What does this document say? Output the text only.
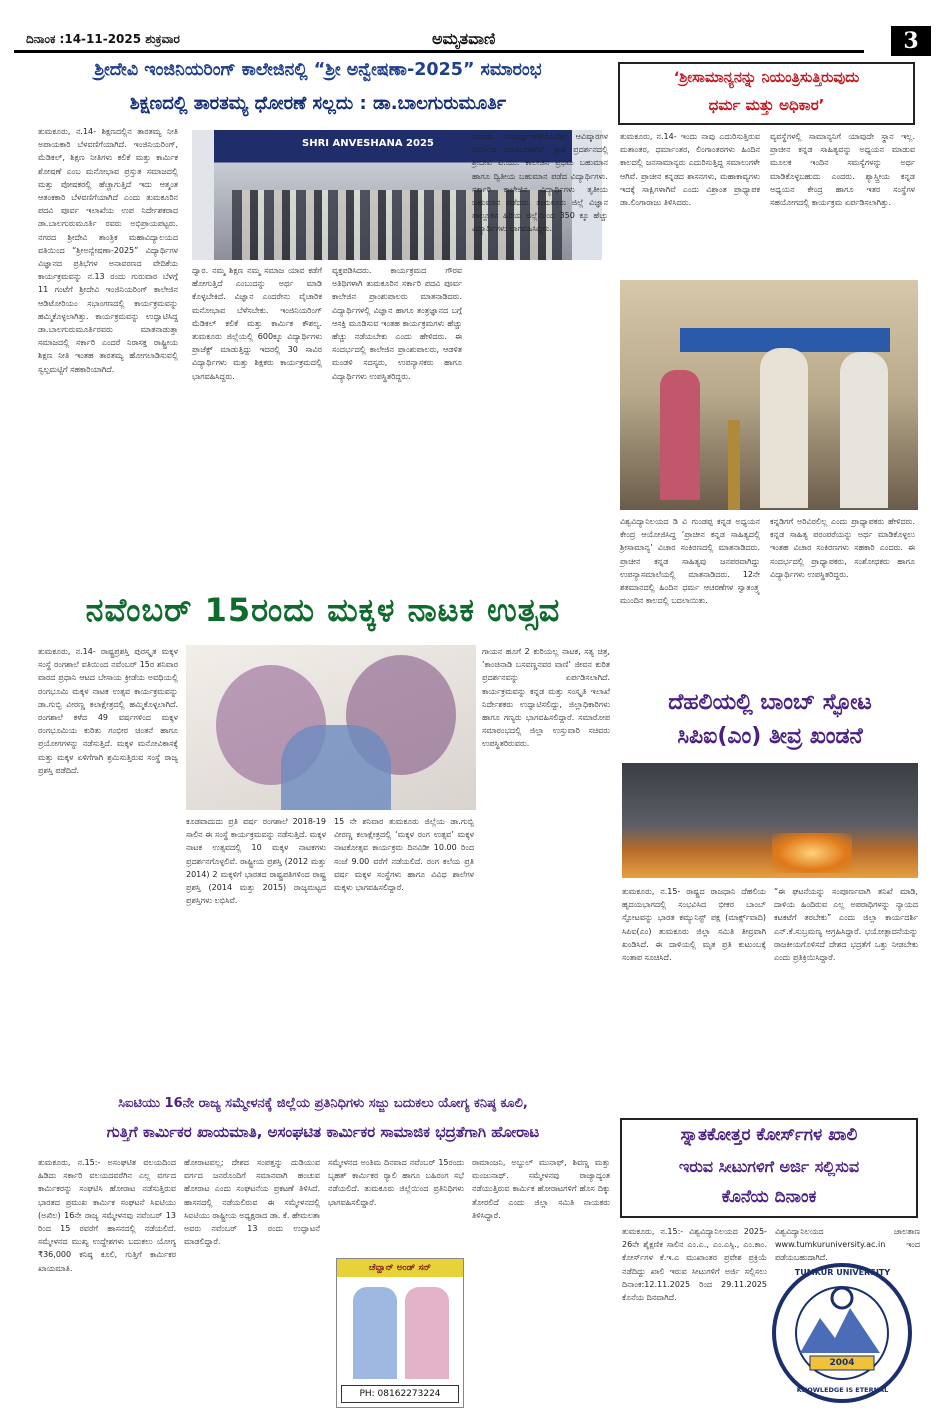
ದಿನಾಂಕ :14-11-2025 ಶುಕ್ರವಾರ	ಅಮೃತವಾಣಿ	3
ಶ್ರೀದೇವಿ ಇಂಜಿನಿಯರಿಂಗ್ ಕಾಲೇಜಿನಲ್ಲಿ “ಶ್ರೀ ಅನ್ವೇಷಣಾ-2025” ಸಮಾರಂಭ
ಶಿಕ್ಷಣದಲ್ಲಿ ತಾರತಮ್ಯ ಧೋರಣೆ ಸಲ್ಲದು : ಡಾ.ಬಾಲಗುರುಮೂರ್ತಿ
ತುಮಕೂರು, ನ.14- ಶಿಕ್ಷಣದಲ್ಲಿನ ತಾರತಮ್ಯ ನೀತಿ ಅಪಾಯಕಾರಿ ಬೆಳವಣಿಗೆಯಾಗಿದೆ. ಇಂಜಿನಿಯರಿಂಗ್, ಮೆಡಿಕಲ್, ಶಿಕ್ಷಣ ನೀತಿಗಳು ಕಲಿಕೆ ಮತ್ತು ಕಾರ್ಮಿಕ ಶೋಷಣೆ ಎಂಬ ಮನೋಭಾವ ಪ್ರಸ್ತುತ ಸಮಾಜದಲ್ಲಿ ಮತ್ತು ಪೋಷಕರಲ್ಲಿ ಹೆಚ್ಚಾಗುತ್ತಿದೆ ಇದು ಆತ್ಮಂತ ಆತಂಕಕಾರಿ ಬೆಳವಣಿಗೆಯಾಗಿದೆ ಎಂದು ತುಮಕೂರಿನ ಪದವಿ ಪೂರ್ವ ಇಲಾಖೆಯ ಉಪ ನಿರ್ದೇಶಕರಾದ ಡಾ.ಬಾಲಗುರುಮೂರ್ತಿ ರವರು ಅಭಿಪ್ರಾಯಪಟ್ಟರು. ನಗರದ ಶ್ರೀದೇವಿ ತಾಂತ್ರಿಕ ಮಹಾವಿದ್ಯಾಲಯದ ವತಿಯಿಂದ “ಶ್ರೀಅನ್ವೇಷಣಾ-2025” ವಿದ್ಯಾರ್ಥಿಗಳ ವಿಜ್ಞಾನದ ಪ್ರತಿಭೆಗಳ ಅನಾವರಣದ ವೇದಿಕೆಯ ಕಾರ್ಯಕ್ರಮವನ್ನು ನ.13 ರಂದು ಗುರುವಾರ ಬೆಳಗ್ಗೆ 11 ಗಂಟೆಗೆ ಶ್ರೀದೇವಿ ಇಂಜಿನಿಯರಿಂಗ್ ಕಾಲೇಜಿನ ಆಡಿಟೋರಿಯಂ ಸಭಾಂಗಣದಲ್ಲಿ ಕಾರ್ಯಕ್ರಮವನ್ನು ಹಮ್ಮಿಕೊಳ್ಳಲಾಗಿತ್ತು. ಕಾರ್ಯಕ್ರಮವನ್ನು ಉದ್ಘಾಟಿಸಿದ್ದ ಡಾ.ಬಾಲಗುರುಮೂರ್ತಿರವರು ಮಾತನಾಡುತ್ತಾ ಸಮಾಜದಲ್ಲಿ ಸರ್ಕಾರಿ ಎಂದರೆ ನಿರಾಸಕ್ತ ರಾಷ್ಟ್ರೀಯ ಶಿಕ್ಷಣ ನೀತಿ ಇಂತಹ ತಾರತಮ್ಯ ಹೋಗಲಾಡಿಸುವಲ್ಲಿ ಸ್ವಲ್ಪಮಟ್ಟಿಗೆ ಸಹಕಾರಿಯಾಗಿದೆ.
SHRI ANVESHANA 2025
ದ್ವಾರ. ನಮ್ಮ ಶಿಕ್ಷಣ ನಮ್ಮ ಸಮಾಜ ಯಾವ ಕಡೆಗೆ ಹೋಗುತ್ತಿದೆ ಎಂಬುದನ್ನು ಅರ್ಥ ಮಾಡಿ ಕೊಳ್ಳಬೇಕಿದೆ. ವಿಜ್ಞಾನ ಎಂದರೇನು ವೈಚಾರಿಕ ಮನೋಭಾವ ಬೆಳೆಸಬೇಕು. ಇಂಜಿನಿಯರಿಂಗ್ ಮೆಡಿಕಲ್ ಕಲಿಕೆ ಮತ್ತು ಕಾರ್ಮಿಕ ಕೌಶಲ್ಯ. ತುಮಕೂರು ಜಿಲ್ಲೆಯಲ್ಲಿ 600ಕ್ಕೂ ವಿದ್ಯಾರ್ಥಿಗಳು ಪ್ರಾಜೆಕ್ಟ್ ಮಾಡುತ್ತಿದ್ದು ಇದರಲ್ಲಿ 30 ಸಾವಿರ ವಿದ್ಯಾರ್ಥಿಗಳು ಮತ್ತು ಶಿಕ್ಷಕರು ಕಾರ್ಯಕ್ರಮದಲ್ಲಿ ಭಾಗವಹಿಸಿದ್ದರು.
ವ್ಯಕ್ತಪಡಿಸಿದರು. ಕಾರ್ಯಕ್ರಮದ ಗೌರವ ಅತಿಥಿಗಳಾಗಿ ತುಮಕೂರಿನ ಸರ್ಕಾರಿ ಪದವಿ ಪೂರ್ವ ಕಾಲೇಜಿನ ಪ್ರಾಂಶುಪಾಲರು ಮಾತನಾಡಿದರು. ವಿದ್ಯಾರ್ಥಿಗಳಲ್ಲಿ ವಿಜ್ಞಾನ ಹಾಗೂ ತಂತ್ರಜ್ಞಾನದ ಬಗ್ಗೆ ಆಸಕ್ತಿ ಮೂಡಿಸುವ ಇಂತಹ ಕಾರ್ಯಕ್ರಮಗಳು ಹೆಚ್ಚು ಹೆಚ್ಚು ನಡೆಯಬೇಕು ಎಂದು ಹೇಳಿದರು. ಈ ಸಂದರ್ಭದಲ್ಲಿ ಕಾಲೇಜಿನ ಪ್ರಾಂಶುಪಾಲರು, ಆಡಳಿತ ಮಂಡಳಿ ಸದಸ್ಯರು, ಉಪನ್ಯಾಸಕರು ಹಾಗೂ ವಿದ್ಯಾರ್ಥಿಗಳು ಉಪಸ್ಥಿತರಿದ್ದರು.
ಎಂದರು. ಸಾಮರ್ಥ್ಯಗಳಿಕೆಯೊಂದಿಗೆ ಆವಿಷ್ಕಾರಗಳ ನಿರ್ಮಾಣ ಮಾಡಬೇಕಾಗಿದೆ. ಕ್ರೀಡೆ ಪ್ರದರ್ಶನದಲ್ಲಿ ಶ್ರೀದೇವಿ ಪಿ.ಯು. ಕಾಲೇಜಿನ ಪ್ರಥಮ ಬಹುಮಾನ ಹಾಗೂ ದ್ವಿತೀಯ ಬಹುಮಾನ ಪಡೆದ ವಿದ್ಯಾರ್ಥಿಗಳು. ಸರ್ಕಾರಿ ಕಾಲೇಜಿನ ವಿದ್ಯಾರ್ಥಿಗಳು ತೃತೀಯ ಬಹುಮಾನ ಪಡೆದರು. ತುಮಕೂರು ಜಿಲ್ಲೆ ವಿಜ್ಞಾನ ತಾಲ್ಲೂಕಿನ ಹಿರಿಯ ಜಿಲ್ಲೆಯಿಂದ 350 ಕ್ಕೂ ಹೆಚ್ಚು ವಿದ್ಯಾರ್ಥಿಗಳು ಭಾಗವಹಿಸಿದ್ದರು.
‘ಶ್ರೀಸಾಮಾನ್ಯನನ್ನು ನಿಯಂತ್ರಿಸುತ್ತಿರುವುದು
ಧರ್ಮ ಮತ್ತು ಅಧಿಕಾರ’
ತುಮಕೂರು, ನ.14- ಇಂದು ನಾವು ಎದುರಿಸುತ್ತಿರುವ ಮತಾಂತರ, ಧರ್ಮಾಂತರ, ಲಿಂಗಾಂತರಗಳು ಹಿಂದಿನ ಕಾಲದಲ್ಲಿ ಜನಸಾಮಾನ್ಯರು ಎದುರಿಸುತ್ತಿದ್ದ ಸಮಾಲುಗಳೇ ಆಗಿವೆ. ಪ್ರಾಚೀನ ಕನ್ನಡದ ಶಾಸನಗಳು, ಮಹಾಕಾವ್ಯಗಳು ಇದಕ್ಕೆ ಸಾಕ್ಷಿಗಳಾಗಿವೆ ಎಂದು ವಿಶ್ರಾಂತ ಪ್ರಾಧ್ಯಾಪಕ ಡಾ.ಲಿಂಗಾರಾಜು ತಿಳಿಸಿದರು.
ವ್ಯವಸ್ಥೆಗಳಲ್ಲಿ ಸಾಮಾನ್ಯನಿಗೆ ಯಾವುದೇ ಸ್ಥಾನ ಇಲ್ಲ. ಪ್ರಾಚೀನ ಕನ್ನಡ ಸಾಹಿತ್ಯವನ್ನು ಅಧ್ಯಯನ ಮಾಡುವ ಮೂಲಕ ಇಂದಿನ ಸಮಸ್ಯೆಗಳನ್ನು ಅರ್ಥ ಮಾಡಿಕೊಳ್ಳಬಹುದು ಎಂದರು. ಶ್ಯಾಸ್ತ್ರೀಯ ಕನ್ನಡ ಅಧ್ಯಯನ ಕೇಂದ್ರ ಹಾಗೂ ಇತರ ಸಂಸ್ಥೆಗಳ ಸಹಯೋಗದಲ್ಲಿ ಕಾರ್ಯಕ್ರಮ ಏರ್ಪಡಿಸಲಾಗಿತ್ತು.
ವಿಶ್ವವಿದ್ಯಾನಿಲಯದ ಡಿ ವಿ ಗುಂಡಪ್ಪ ಕನ್ನಡ ಅಧ್ಯಯನ ಕೇಂದ್ರ ಆಯೋಜಿಸಿದ್ದ ‘ಪ್ರಾಚೀನ ಕನ್ನಡ ಸಾಹಿತ್ಯದಲ್ಲಿ ಶ್ರೀಸಾಮಾನ್ಯ’ ವಿಚಾರ ಸಂಕಿರಣದಲ್ಲಿ ಮಾತನಾಡಿದರು. ಪ್ರಾಚೀನ ಕನ್ನಡ ಸಾಹಿತ್ಯವು ಜನಪರವಾಗಿದ್ದು ಉಪನ್ಯಾಸಮಾಲೆಯಲ್ಲಿ ಮಾತನಾಡಿದರು. 12ನೇ ಶತಮಾನದಲ್ಲಿ ಹಿಂದಿನ ಧರ್ಮ ಆಚರಣೆಗಳ ಸ್ವಾತಂತ್ರ್ಯ ಮುಂದಿನ ಕಾಲದಲ್ಲಿ ಬದಲಾಯಿತು.
ಕನ್ನಡಿಗಗೆ ಅರಿವಿರಲಿಲ್ಲ ಎಂದು ಪ್ರಾಧ್ಯಾಪಕರು ಹೇಳಿದರು. ಕನ್ನಡ ಸಾಹಿತ್ಯ ಪರಂಪರೆಯನ್ನು ಅರ್ಥ ಮಾಡಿಕೊಳ್ಳಲು ಇಂತಹ ವಿಚಾರ ಸಂಕಿರಣಗಳು ಸಹಕಾರಿ ಎಂದರು. ಈ ಸಂದರ್ಭದಲ್ಲಿ ಪ್ರಾಧ್ಯಾಪಕರು, ಸಂಶೋಧಕರು ಹಾಗೂ ವಿದ್ಯಾರ್ಥಿಗಳು ಉಪಸ್ಥಿತರಿದ್ದರು.
ನವೆಂಬರ್ 15ರಂದು ಮಕ್ಕಳ ನಾಟಕ ಉತ್ಸವ
ತುಮಕೂರು, ನ.14- ರಾಷ್ಟ್ರಪ್ರಶಸ್ತಿ ಪುರಸ್ಕೃತ ಮಕ್ಕಳ ಸಂಸ್ಥೆ ರಂಗಶಾಲೆ ವತಿಯಿಂದ ನವೆಂಬರ್ 15ರ ಶನಿವಾರ ವಾರದ ಪ್ರಧಾನಿ ಆಟದ ಬೇಸಾಯ ಕ್ರೀಡೆಯ ಅವಧಿಯಲ್ಲಿ ರಂಗಭೂಮಿ ಮಕ್ಕಳ ನಾಟಕ ಉತ್ಸವ ಕಾರ್ಯಕ್ರಮವನ್ನು ಡಾ.ಗುಬ್ಬಿ ವೀರಣ್ಣ ಕಲಾಕ್ಷೇತ್ರದಲ್ಲಿ ಹಮ್ಮಿಕೊಳ್ಳಲಾಗಿದೆ. ರಂಗಶಾಲೆ ಕಳೆದ 49 ವರ್ಷಗಳಿಂದ ಮಕ್ಕಳ ರಂಗಭೂಮಿಯ ಕುರಿತು ಗಂಭೀರ ಚಿಂತನೆ ಹಾಗೂ ಪ್ರಯೋಗಗಳನ್ನು ನಡೆಸುತ್ತಿದೆ. ಮಕ್ಕಳ ಮನೋವಿಕಾಸಕ್ಕೆ ಮತ್ತು ಮಕ್ಕಳ ಏಳಿಗೆಗಾಗಿ ಶ್ರಮಿಸುತ್ತಿರುವ ಸಂಸ್ಥೆ ರಾಜ್ಯ ಪ್ರಶಸ್ತಿ ಪಡೆದಿದೆ.
ಕೂಡವಾದುದು ಪ್ರತಿ ವರ್ಷ ರಂಗಶಾಲೆ 2018-19 ಸಾಲಿನ ಈ ಸಂಸ್ಥೆ ಕಾರ್ಯಕ್ರಮವನ್ನು ನಡೆಸುತ್ತಿದೆ. ಮಕ್ಕಳ ನಾಟಕ ಉತ್ಸವದಲ್ಲಿ 10 ಮಕ್ಕಳ ನಾಟಕಗಳು ಪ್ರದರ್ಶನಗೊಳ್ಳಲಿವೆ. ರಾಷ್ಟ್ರೀಯ ಪ್ರಶಸ್ತಿ (2012 ಮತ್ತು 2014) 2 ಮಕ್ಕಳಿಗೆ ಭಾರತದ ರಾಷ್ಟ್ರಪತಿಗಳಿಂದ ರಾಷ್ಟ್ರ ಪ್ರಶಸ್ತಿ (2014 ಮತ್ತು 2015) ರಾಜ್ಯಮಟ್ಟದ ಪ್ರಶಸ್ತಿಗಳು ಲಭಿಸಿವೆ.
15 ನೇ ಶನಿವಾರ ತುಮಕೂರು ಜಿಲ್ಲೆಯ ಡಾ.ಗುಬ್ಬಿ ವೀರಣ್ಣ ಕಲಾಕ್ಷೇತ್ರದಲ್ಲಿ ‘ಮಕ್ಕಳ ರಂಗ ಉತ್ಸವ’ ಮಕ್ಕಳ ನಾಟಕೋತ್ಸವ ಕಾರ್ಯಕ್ರಮ ದಿನವಿಡೀ 10.00 ರಿಂದ ಸಂಜೆ 9.00 ವರೆಗೆ ನಡೆಯಲಿದೆ. ರಂಗ ಕಲೆಯ ಪ್ರತಿ ವರ್ಷ ಮಕ್ಕಳ ಸಂಸ್ಥೆಗಳು ಹಾಗೂ ವಿವಿಧ ಶಾಲೆಗಳ ಮಕ್ಕಳು ಭಾಗವಹಿಸಲಿದ್ದಾರೆ.
ಗಾಯನ ಹೂಗೆ 2 ಕುರಿಯಲ್ಲ ನಾಟಕ, ಸತ್ಯ ಚಿತ್ರ, ‘ಕಾಂಚಿನಾಡಿ ಬಸವಣ್ಣನವರ ವಾಣಿ’ ಜೀವನ ಕುರಿತ ಪ್ರದರ್ಶನವನ್ನು ಏರ್ಪಡಿಸಲಾಗಿದೆ. ಕಾರ್ಯಕ್ರಮವನ್ನು ಕನ್ನಡ ಮತ್ತು ಸಂಸ್ಕೃತಿ ಇಲಾಖೆ ನಿರ್ದೇಶಕರು ಉದ್ಘಾಟಿಸಲಿದ್ದು, ಜಿಲ್ಲಾಧಿಕಾರಿಗಳು ಹಾಗೂ ಗಣ್ಯರು ಭಾಗವಹಿಸಲಿದ್ದಾರೆ. ಸಮಾರೋಪ ಸಮಾರಂಭದಲ್ಲಿ ಜಿಲ್ಲಾ ಉಸ್ತುವಾರಿ ಸಚಿವರು ಉಪಸ್ಥಿತರಿರುವರು.
ದೆಹಲಿಯಲ್ಲಿ ಬಾಂಬ್ ಸ್ಫೋಟ
ಸಿಪಿಐ(ಎಂ) ತೀವ್ರ ಖಂಡನೆ
ತುಮಕೂರು, ನ.15- ರಾಷ್ಟ್ರದ ರಾಜಧಾನಿ ದೆಹಲಿಯ ಹೃದಯಭಾಗದಲ್ಲಿ ಸಂಭವಿಸಿದ ಭೀಕರ ಬಾಂಬ್ ಸ್ಫೋಟವನ್ನು ಭಾರತ ಕಮ್ಯುನಿಸ್ಟ್ ಪಕ್ಷ (ಮಾರ್ಕ್ಸ್‌ವಾದಿ) ಸಿಪಿಐ(ಎಂ) ತುಮಕೂರು ಜಿಲ್ಲಾ ಸಮಿತಿ ತೀವ್ರವಾಗಿ ಖಂಡಿಸಿದೆ. ಈ ದಾಳಿಯಲ್ಲಿ ಮೃತ ಪ್ರತಿ ಕುಟುಂಬಕ್ಕೆ ಸಂತಾಪ ಸೂಚಿಸಿದೆ.
“ಈ ಘಟನೆಯನ್ನು ಸಂಪೂರ್ಣವಾಗಿ ತನಿಖೆ ಮಾಡಿ, ದಾಳಿಯ ಹಿಂದಿರುವ ಎಲ್ಲ ಅಪರಾಧಿಗಳನ್ನು ನ್ಯಾಯದ ಕಟಕಟೆಗೆ ತರಬೇಕು” ಎಂದು ಜಿಲ್ಲಾ ಕಾರ್ಯದರ್ಶಿ ಎನ್.ಕೆ.ಸುಬ್ರಮಣ್ಯ ಆಗ್ರಹಿಸಿದ್ದಾರೆ. ಭಯೋತ್ಪಾದನೆಯನ್ನು ರಾಜಕೀಯಗೊಳಿಸದೆ ದೇಶದ ಭದ್ರತೆಗೆ ಒತ್ತು ನೀಡಬೇಕು ಎಂದು ಪ್ರತಿಕ್ರಿಯಿಸಿದ್ದಾರೆ.
ಸಿಐಟಿಯು 16ನೇ ರಾಜ್ಯ ಸಮ್ಮೇಳನಕ್ಕೆ ಜಿಲ್ಲೆಯ ಪ್ರತಿನಿಧಿಗಳು ಸಜ್ಜು ಬದುಕಲು ಯೋಗ್ಯ ಕನಿಷ್ಠ ಕೂಲಿ,
ಗುತ್ತಿಗೆ ಕಾರ್ಮಿಕರ ಖಾಯಮಾತಿ, ಅಸಂಘಟಿತ ಕಾರ್ಮಿಕರ ಸಾಮಾಜಿಕ ಭದ್ರತೆಗಾಗಿ ಹೋರಾಟ
ತುಮಕೂರು, ನ.15:- ಅಸಂಘಟಿತ ವಲಯದಿಂದ ಹಿಡಿದು ಸರ್ಕಾರಿ ವಲಯದವರೆಗಿನ ಎಲ್ಲ ವರ್ಗದ ಕಾರ್ಮಿಕರನ್ನು ಸಂಘಟಿಸಿ ಹೋರಾಟ ನಡೆಸುತ್ತಿರುವ ಭಾರತದ ಪ್ರಮುಖ ಕಾರ್ಮಿಕ ಸಂಘಟನೆ ಸಿಐಟಿಯು (ಅಖಿಲ) 16ನೇ ರಾಜ್ಯ ಸಮ್ಮೇಳನವು ನವೆಂಬರ್ 13 ರಿಂದ 15 ರವರೆಗೆ ಹಾಸನದಲ್ಲಿ ನಡೆಯಲಿದೆ. ಸಮ್ಮೇಳನದ ಮುಖ್ಯ ಉದ್ದೇಶಗಳು ಬದುಕಲು ಯೋಗ್ಯ ₹36,000 ಕನಿಷ್ಠ ಕೂಲಿ, ಗುತ್ತಿಗೆ ಕಾರ್ಮಿಕರ ಖಾಯಮಾತಿ.
ಹೋರಾಟವಲ್ಲ; ದೇಶದ ಸಂಪತ್ತನ್ನು ದುಡಿಯುವ ವರ್ಗದ ಜನರೊಂದಿಗೆ ಸಮಾನವಾಗಿ ಹಂಚುವ ಹೋರಾಟ ಎಂದು ಸಂಘಟನೆಯ ಪ್ರಕಟಣೆ ತಿಳಿಸಿದೆ. ಹಾಸನದಲ್ಲಿ ನಡೆಯಲಿರುವ ಈ ಸಮ್ಮೇಳನದಲ್ಲಿ ಸಿಐಟಿಯು ರಾಷ್ಟ್ರೀಯ ಅಧ್ಯಕ್ಷರಾದ ಡಾ. ಕೆ. ಹೇಮಲತಾ ಅವರು ನವೆಂಬರ್ 13 ರಂದು ಉದ್ಘಾಟನೆ ಮಾಡಲಿದ್ದಾರೆ.
ಸಮ್ಮೇಳನದ ಅಂತಿಮ ದಿನವಾದ ನವೆಂಬರ್ 15ರಂದು ಬೃಹತ್ ಕಾರ್ಮಿಕರ ರ‍್ಯಾಲಿ ಹಾಗೂ ಬಹಿರಂಗ ಸಭೆ ನಡೆಯಲಿದೆ. ತುಮಕೂರು ಜಿಲ್ಲೆಯಿಂದ ಪ್ರತಿನಿಧಿಗಳು ಭಾಗವಹಿಸಲಿದ್ದಾರೆ.
ರಾಮಾಂಜನಿ, ಅಬ್ದುಲ್ ಮುನಾಫ್, ಶಿವಣ್ಣ ಮತ್ತು ಮಂಜುನಾಥ್. ಸಮ್ಮೇಳನವು ರಾಜ್ಯಾದ್ಯಂತ ನಡೆಯುತ್ತಿರುವ ಕಾರ್ಮಿಕ ಹೋರಾಟಗಳಿಗೆ ಹೊಸ ದಿಕ್ಕು ತೋರಲಿದೆ ಎಂದು ಜಿಲ್ಲಾ ಸಮಿತಿ ನಾಯಕರು ತಿಳಿಸಿದ್ದಾರೆ.
ಚೆವ್ಹಾನ್ ಅಂಡ್ ಸನ್
PH: 08162273224
ಸ್ನಾತಕೋತ್ತರ ಕೋರ್ಸ್‌ಗಳ ಖಾಲಿ
ಇರುವ ಸೀಟುಗಳಿಗೆ ಅರ್ಜಿ ಸಲ್ಲಿಸುವ
ಕೊನೆಯ ದಿನಾಂಕ
ತುಮಕೂರು, ನ.15:- ವಿಶ್ವವಿದ್ಯಾನಿಲಯದ 2025-26ನೇ ಶೈಕ್ಷಣಿಕ ಸಾಲಿನ ಎಂ.ಎ., ಎಂ.ಎಸ್ಸಿ., ಎಂ.ಕಾಂ. ಕೋರ್ಸ್‌ಗಳ ಕೆ.ಇ.ಎ ಮುಖಾಂತರ ಪ್ರವೇಶ ಪ್ರಕ್ರಿಯೆ ನಡೆದಿದ್ದು ಖಾಲಿ ಇರುವ ಸೀಟುಗಳಿಗೆ ಅರ್ಜಿ ಸಲ್ಲಿಸಲು ದಿನಾಂಕ:12.11.2025 ರಿಂದ 29.11.2025 ಕೊನೆಯ ದಿನವಾಗಿದೆ.
ವಿಶ್ವವಿದ್ಯಾನಿಲಯದ ಜಾಲತಾಣ www.tumkuruniversity.ac.in ಇಂದ ಪಡೆಯಬಹುದಾಗಿದೆ.
2004
TUMKUR UNIVERSITY
KNOWLEDGE IS ETERNAL
